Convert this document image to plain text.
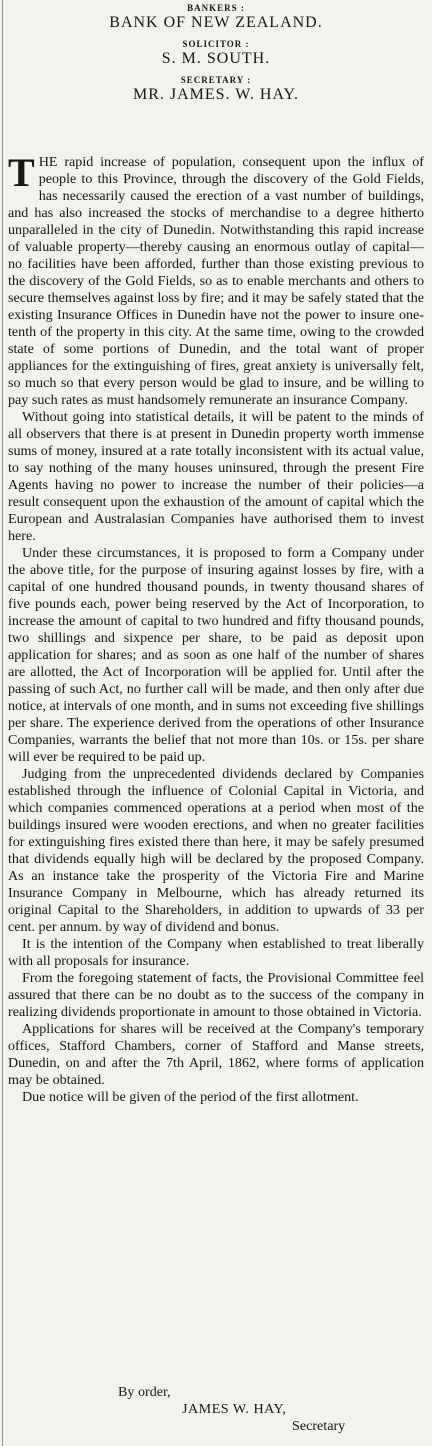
BANKERS :

BANK OF NEW ZEALAND.

SOLICITOR :

S. M. SOUTH.

SECRETARY :

MR. JAMES. W. HAY.

THE rapid increase of population, consequent upon the influx of people to this Province, through the discovery of the Gold Fields, has necessarily caused the erection of a vast number of buildings, and has also increased the stocks of merchandise to a degree hitherto unparalleled in the city of Dunedin. Notwithstanding this rapid increase of valuable property—thereby causing an enormous outlay of capital—no facilities have been afforded, further than those existing previous to the discovery of the Gold Fields, so as to enable merchants and others to secure themselves against loss by fire; and it may be safely stated that the existing Insurance Offices in Dunedin have not the power to insure one-tenth of the property in this city. At the same time, owing to the crowded state of some portions of Dunedin, and the total want of proper appliances for the extinguishing of fires, great anxiety is universally felt, so much so that every person would be glad to insure, and be willing to pay such rates as must handsomely remunerate an insurance Company.

Without going into statistical details, it will be patent to the minds of all observers that there is at present in Dunedin property worth immense sums of money, insured at a rate totally inconsistent with its actual value, to say nothing of the many houses uninsured, through the present Fire Agents having no power to increase the number of their policies—a result consequent upon the exhaustion of the amount of capital which the European and Australasian Companies have authorised them to invest here.

Under these circumstances, it is proposed to form a Company under the above title, for the purpose of insuring against losses by fire, with a capital of one hundred thousand pounds, in twenty thousand shares of five pounds each, power being reserved by the Act of Incorporation, to increase the amount of capital to two hundred and fifty thousand pounds, two shillings and sixpence per share, to be paid as deposit upon application for shares; and as soon as one half of the number of shares are allotted, the Act of Incorporation will be applied for. Until after the passing of such Act, no further call will be made, and then only after due notice, at intervals of one month, and in sums not exceeding five shillings per share. The experience derived from the operations of other Insurance Companies, warrants the belief that not more than 10s. or 15s. per share will ever be required to be paid up.

Judging from the unprecedented dividends declared by Companies established through the influence of Colonial Capital in Victoria, and which companies commenced operations at a period when most of the buildings insured were wooden erections, and when no greater facilities for extinguishing fires existed there than here, it may be safely presumed that dividends equally high will be declared by the proposed Company. As an instance take the prosperity of the Victoria Fire and Marine Insurance Company in Melbourne, which has already returned its original Capital to the Shareholders, in addition to upwards of 33 per cent. per annum. by way of dividend and bonus.

It is the intention of the Company when established to treat liberally with all proposals for insurance.

From the foregoing statement of facts, the Provisional Committee feel assured that there can be no doubt as to the success of the company in realizing dividends proportionate in amount to those obtained in Victoria.

Applications for shares will be received at the Company's temporary offices, Stafford Chambers, corner of Stafford and Manse streets, Dunedin, on and after the 7th April, 1862, where forms of application may be obtained.

Due notice will be given of the period of the first allotment.

By order,
JAMES W. HAY,
Secretary
